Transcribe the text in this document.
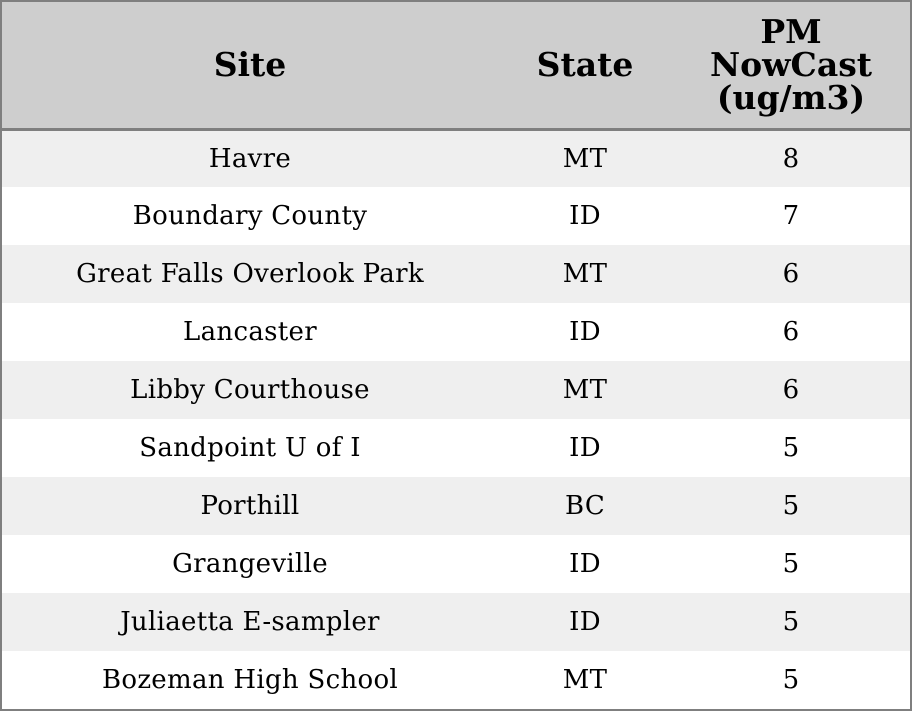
Site	State	PM
NowCast
(ug/m3)

Havre	MT	8
Boundary County	ID	7
Great Falls Overlook Park	MT	6
Lancaster	ID	6
Libby Courthouse	MT	6
Sandpoint U of I	ID	5
Porthill	BC	5
Grangeville	ID	5
Juliaetta E-sampler	ID	5
Bozeman High School	MT	5
